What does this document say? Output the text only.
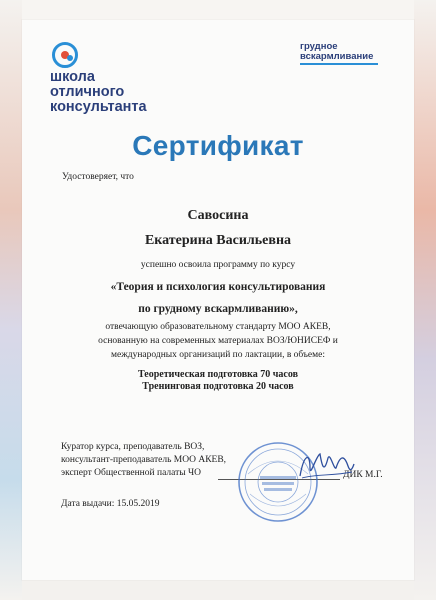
школа
отличного
консультанта
грудное
вскармливание
Сертификат
Удостоверяет, что
Савосина
Екатерина Васильевна
успешно освоила программу по курсу
«Теория и психология консультирования
по грудному вскармливанию»,
отвечающую образовательному стандарту МОО АКЕВ,
основанную на современных материалах ВОЗ/ЮНИСЕФ и
международных организаций по лактации, в объеме:
Теоретическая подготовка 70 часов
Тренинговая подготовка 20 часов
Куратор курса, преподаватель ВОЗ,
консультант-преподаватель МОО АКЕВ,
эксперт Общественной палаты ЧО	ДИК М.Г.
Дата выдачи: 15.05.2019
